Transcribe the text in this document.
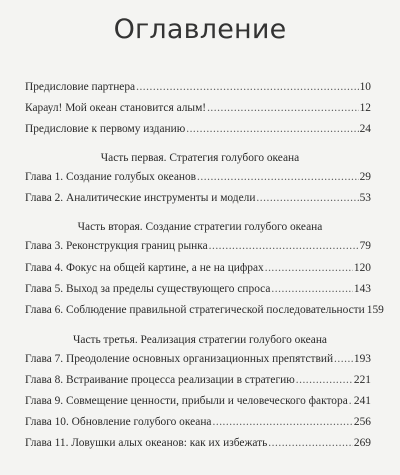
Оглавление
Предисловие партнера .....	10
Караул! Мой океан становится алым! .....	12
Предисловие к первому изданию .....	24
Часть первая. Стратегия голубого океана
Глава 1. Создание голубых океанов .....	29
Глава 2. Аналитические инструменты и модели .....	53
Часть вторая. Создание стратегии голубого океана
Глава 3. Реконструкция границ рынка .....	79
Глава 4. Фокус на общей картине, а не на цифрах .....	120
Глава 5. Выход за пределы существующего спроса .....	143
Глава 6. Соблюдение правильной стратегической последовательности 159
Часть третья. Реализация стратегии голубого океана
Глава 7. Преодоление основных организационных препятствий ..... 193
Глава 8. Встраивание процесса реализации в стратегию .....	221
Глава 9. Совмещение ценности, прибыли и человеческого фактора ..... 241
Глава 10. Обновление голубого океана .....	256
Глава 11. Ловушки алых океанов: как их избежать .....	269
